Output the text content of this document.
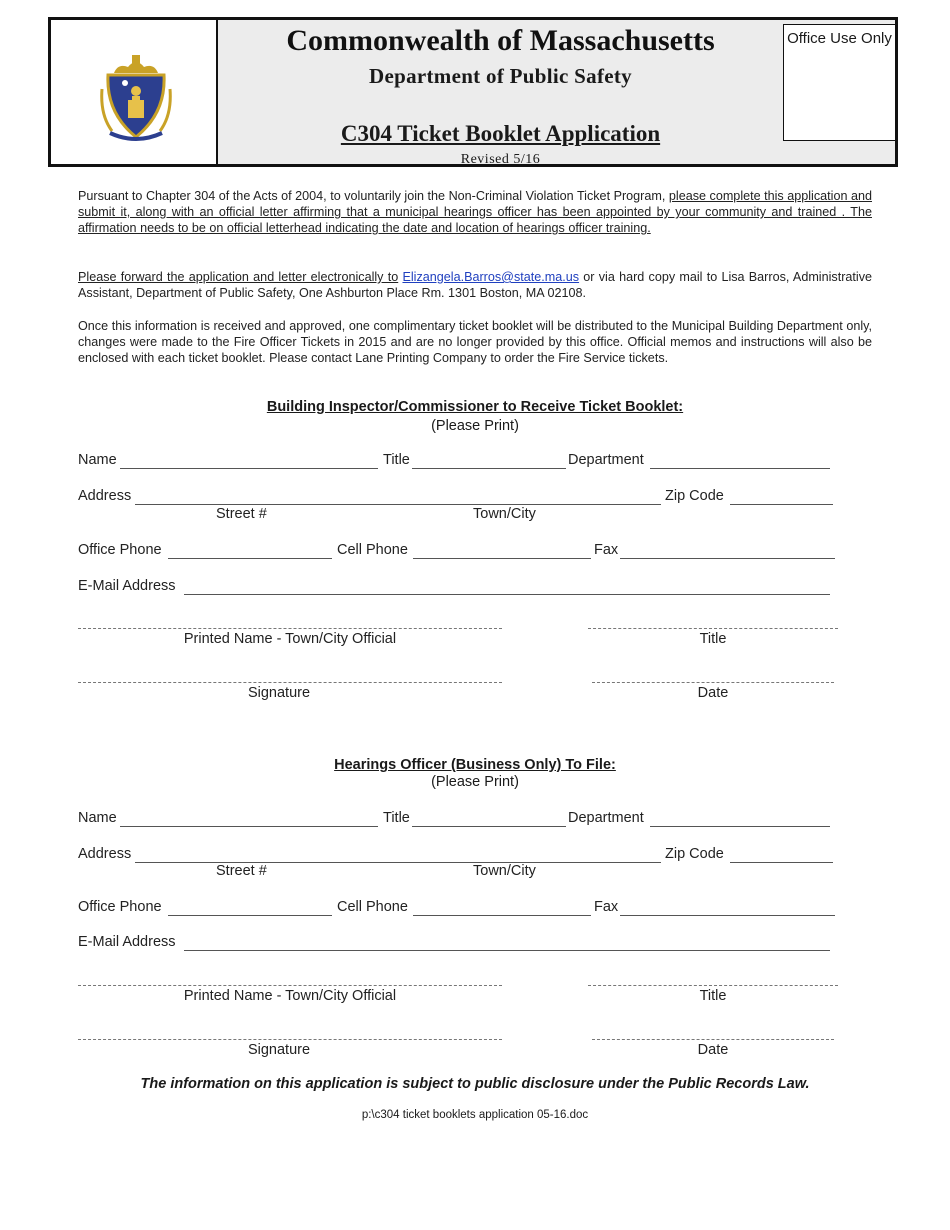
Commonwealth of Massachusetts
Department of Public Safety
C304 Ticket Booklet Application
Revised 5/16
Office Use Only

Pursuant to Chapter 304 of the Acts of 2004, to voluntarily join the Non-Criminal Violation Ticket Program, please complete this application and submit it, along with an official letter affirming that a municipal hearings officer has been appointed by your community and trained . The affirmation needs to be on official letterhead indicating the date and location of hearings officer training.

Please forward the application and letter electronically to Elizangela.Barros@state.ma.us or via hard copy mail to Lisa Barros, Administrative Assistant, Department of Public Safety, One Ashburton Place Rm. 1301 Boston, MA 02108.

Once this information is received and approved, one complimentary ticket booklet will be distributed to the Municipal Building Department only, changes were made to the Fire Officer Tickets in 2015 and are no longer provided by this office. Official memos and instructions will also be enclosed with each ticket booklet. Please contact Lane Printing Company to order the Fire Service tickets.

Building Inspector/Commissioner to Receive Ticket Booklet:
(Please Print)
Name	Title	Department
Address	Zip Code
Street #	Town/City
Office Phone	Cell Phone	Fax
E-Mail Address
Printed Name - Town/City Official	Title
Signature	Date
Hearings Officer (Business Only) To File:
(Please Print)
Name	Title	Department
Address	Zip Code
Street #	Town/City
Office Phone	Cell Phone	Fax
E-Mail Address
Printed Name - Town/City Official	Title
Signature	Date
The information on this application is subject to public disclosure under the Public Records Law.
p:\c304 ticket booklets application 05-16.doc
